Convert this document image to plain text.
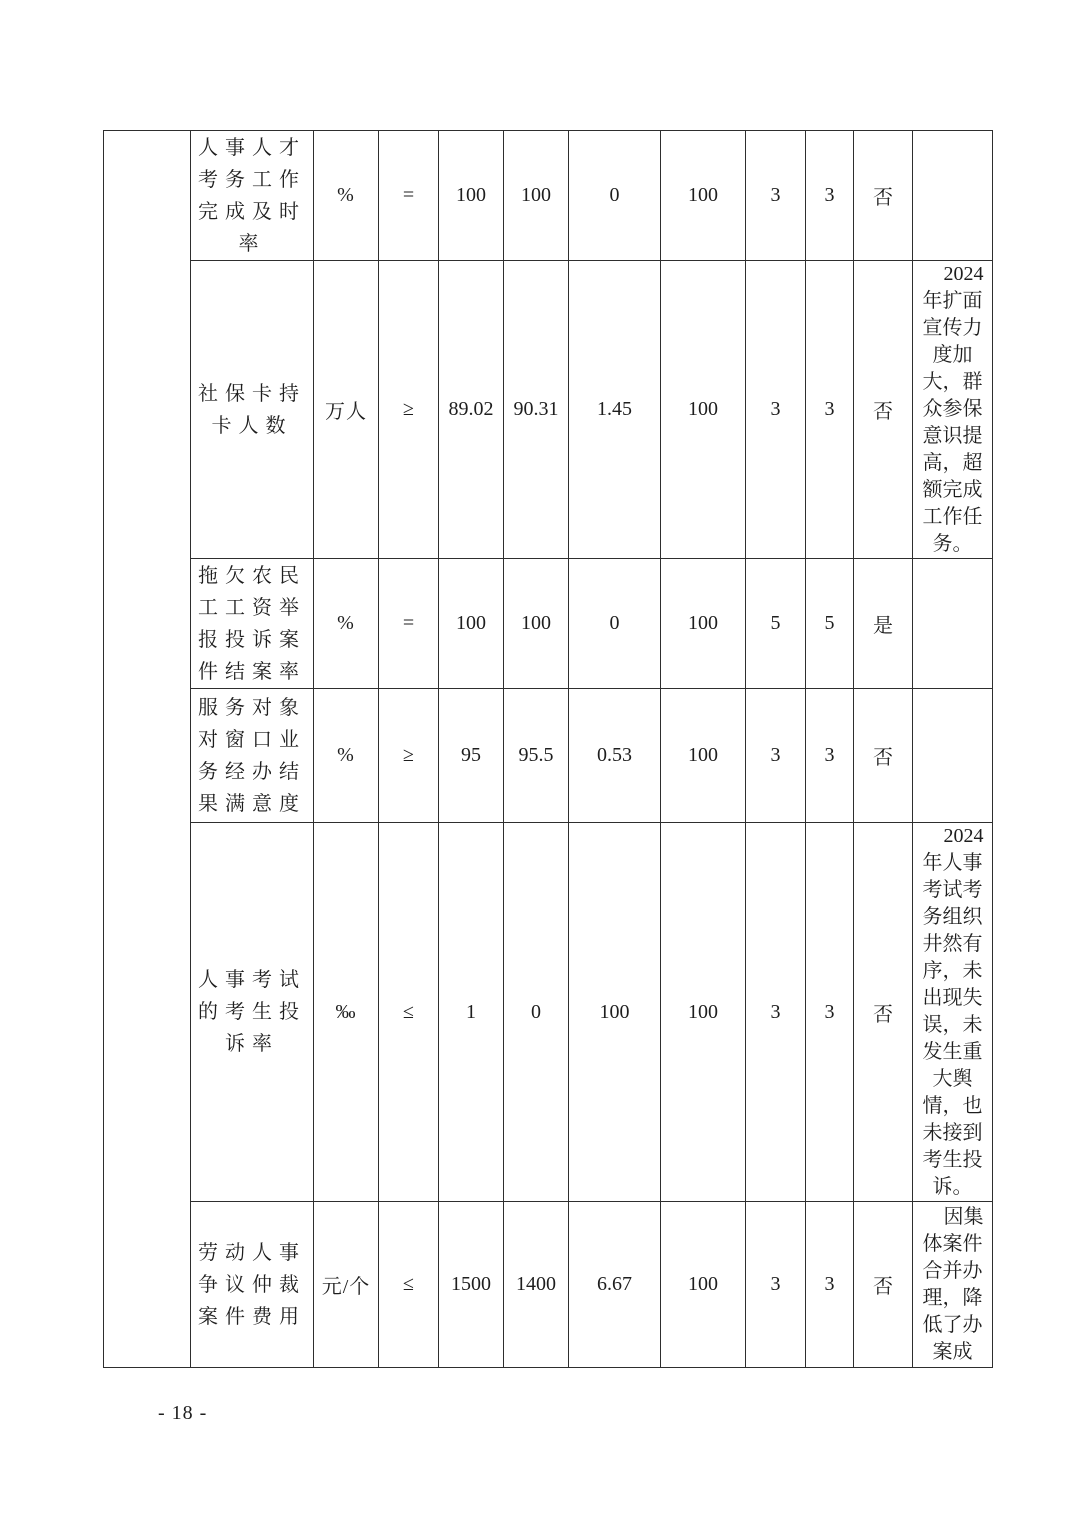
	人事人才考务工作完成及时率	%	=	100	100	0	100	3	3	否	
	社保卡持卡人数	万人	≥	89.02	90.31	1.45	100	3	3	否	2024年扩面宣传力度加大，群众参保意识提高，超额完成工作任务。
	拖欠农民工工资举报投诉案件结案率	%	=	100	100	0	100	5	5	是	
	服务对象对窗口业务经办结果满意度	%	≥	95	95.5	0.53	100	3	3	否	
	人事考试的考生投诉率	‰	≤	1	0	100	100	3	3	否	2024年人事考试考务组织井然有序，未出现失误，未发生重大舆情，也未接到考生投诉。
	劳动人事争议仲裁案件费用	元/个	≤	1500	1400	6.67	100	3	3	否	因集体案件合并办理，降低了办案成
- 18 -
